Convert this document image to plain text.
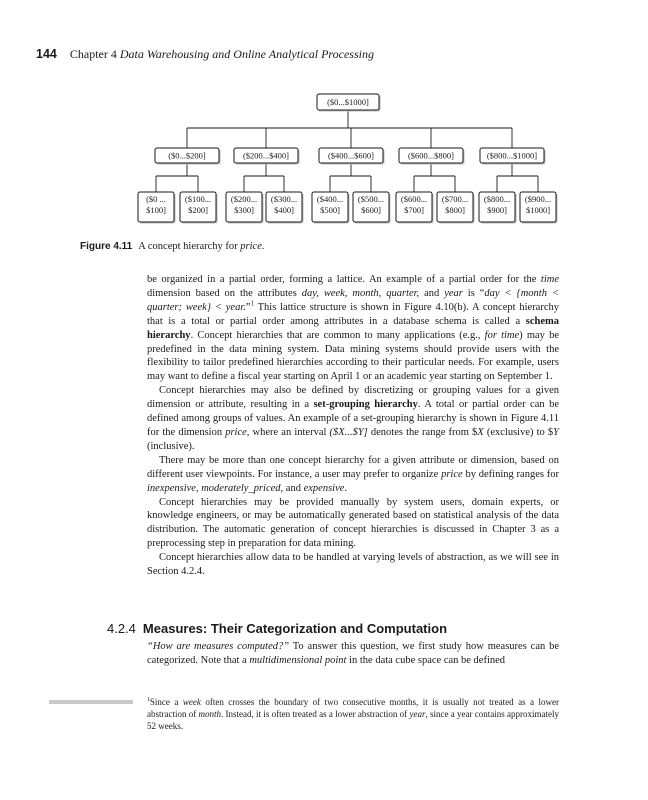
144 Chapter 4 Data Warehousing and Online Analytical Processing
($0...$1000]
($0...$200]	($200...$400]	($400...$600]	($600...$800]	($800...$1000]
($0 ...
$100]
($100...
$200]
($200...
$300]
($300...
$400]
($400...
$500]
($500...
$600]
($600...
$700]
($700...
$800]
($800...
$900]
($900...
$1000]
Figure 4.11 A concept hierarchy for price.

be organized in a partial order, forming a lattice. An example of a partial order for the time dimension based on the attributes day, week, month, quarter, and year is “day < {month < quarter; week} < year.”$^1$ This lattice structure is shown in Figure 4.10(b). A concept hierarchy that is a total or partial order among attributes in a database schema is called a schema hierarchy. Concept hierarchies that are common to many applications (e.g., for time) may be predefined in the data mining system. Data mining systems should provide users with the flexibility to tailor predefined hierarchies according to their particular needs. For example, users may want to define a fiscal year starting on April 1 or an academic year starting on September 1.

Concept hierarchies may also be defined by discretizing or grouping values for a given dimension or attribute, resulting in a set-grouping hierarchy. A total or partial order can be defined among groups of values. An example of a set-grouping hierarchy is shown in Figure 4.11 for the dimension price, where an interval ($X...$Y] denotes the range from $X (exclusive) to $Y (inclusive).

There may be more than one concept hierarchy for a given attribute or dimension, based on different user viewpoints. For instance, a user may prefer to organize price by defining ranges for inexpensive, moderately_priced, and expensive.

Concept hierarchies may be provided manually by system users, domain experts, or knowledge engineers, or may be automatically generated based on statistical analysis of the data distribution. The automatic generation of concept hierarchies is discussed in Chapter 3 as a preprocessing step in preparation for data mining.

Concept hierarchies allow data to be handled at varying levels of abstraction, as we will see in Section 4.2.4.

4.2.4 Measures: Their Categorization and Computation
“How are measures computed?” To answer this question, we first study how measures can be categorized. Note that a multidimensional point in the data cube space can be defined
$^1$Since a week often crosses the boundary of two consecutive months, it is usually not treated as a lower abstraction of month. Instead, it is often treated as a lower abstraction of year, since a year contains approximately 52 weeks.
